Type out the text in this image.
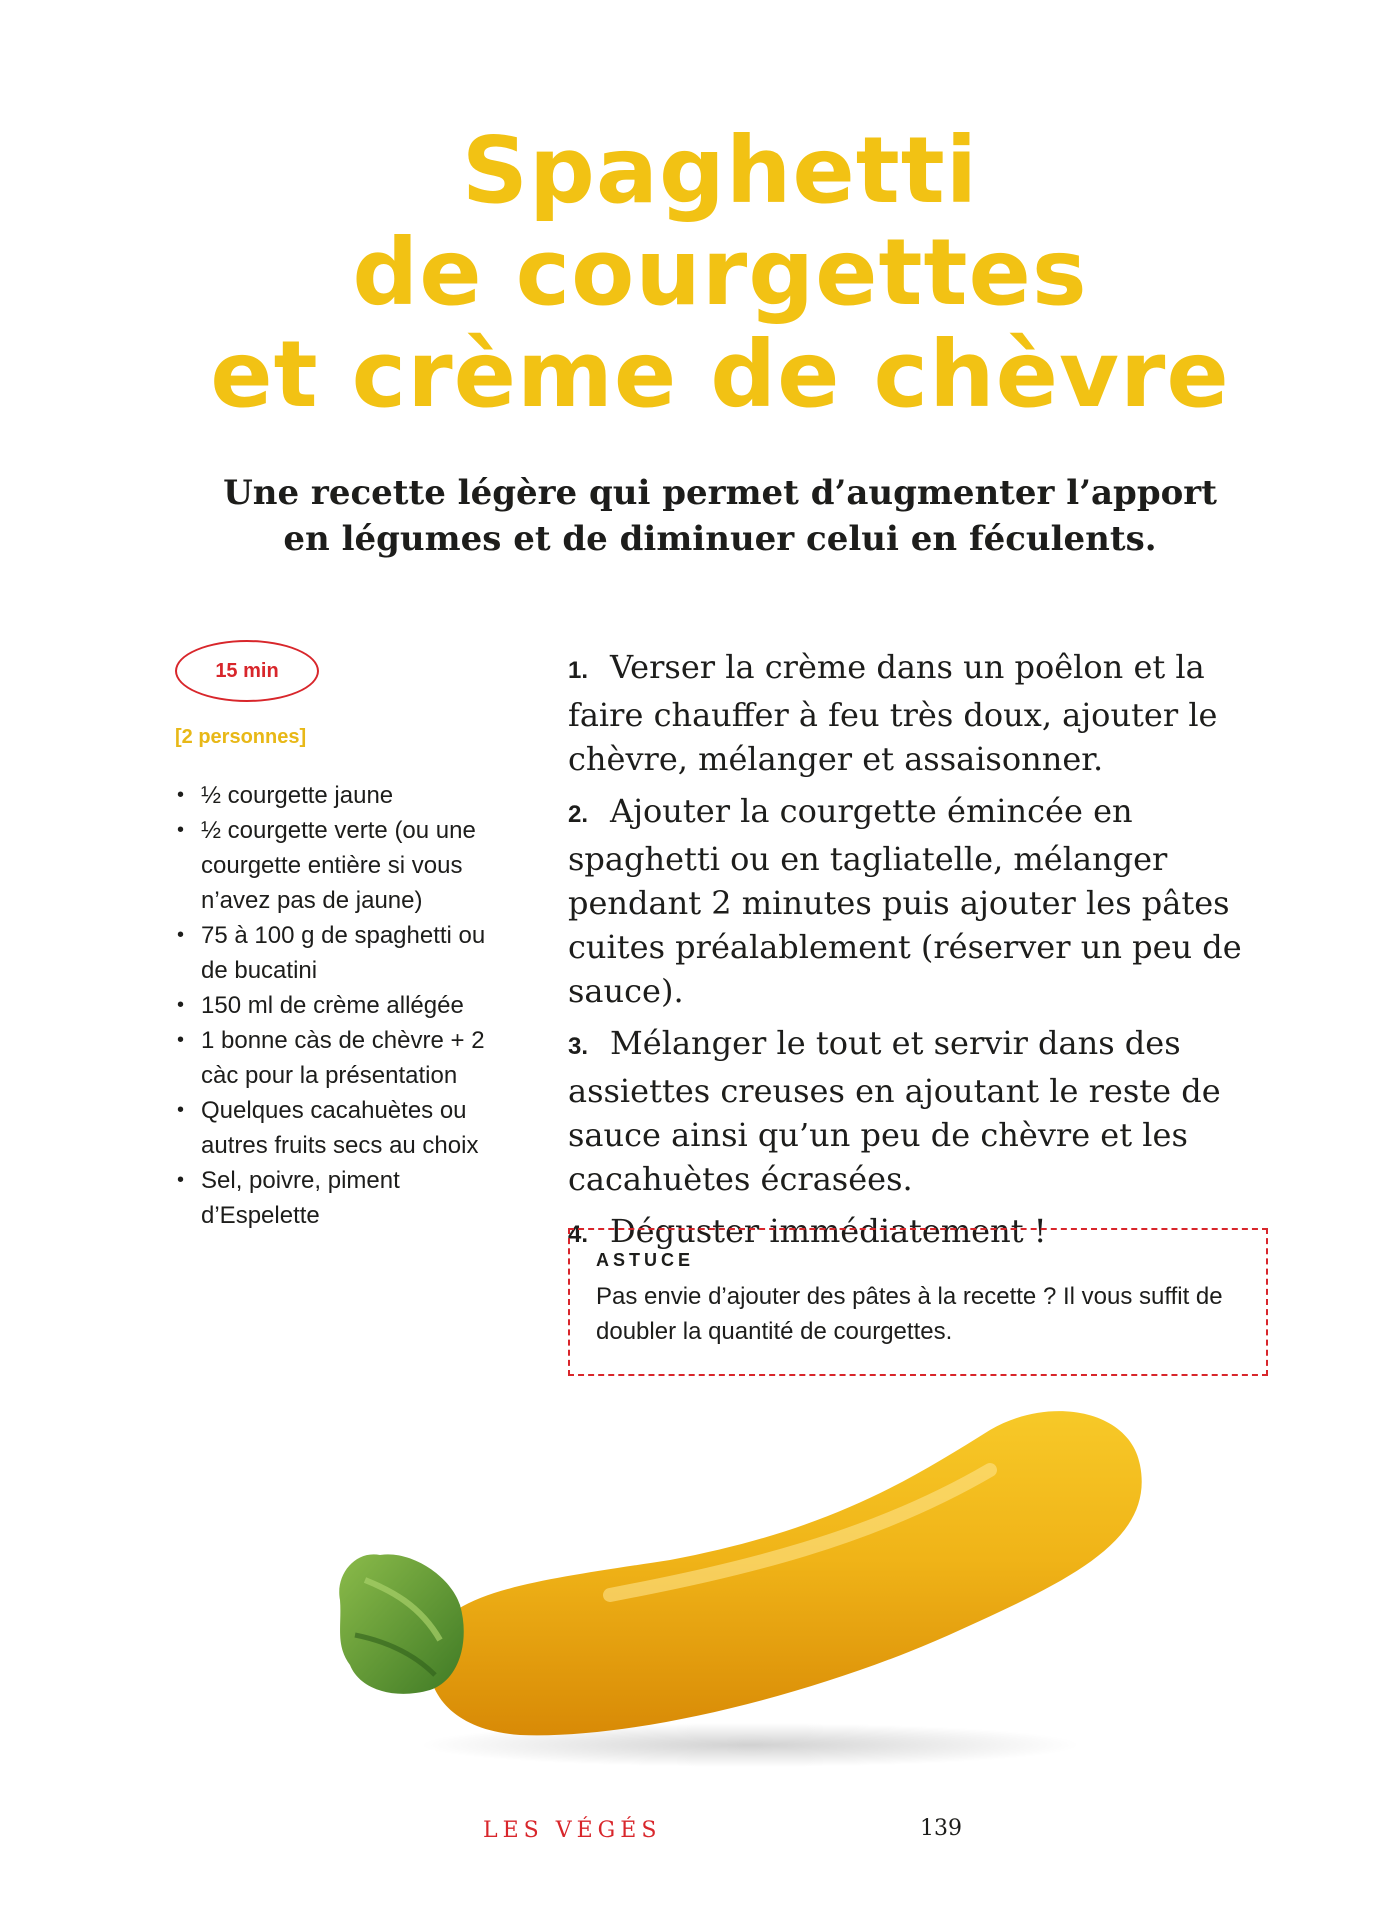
Spaghetti
de courgettes
et crème de chèvre

Une recette légère qui permet d’augmenter l’apport
en légumes et de diminuer celui en féculents.

15 min
[2 personnes]
• ½ courgette jaune
• ½ courgette verte (ou une courgette entière si vous n’avez pas de jaune)
• 75 à 100 g de spaghetti ou de bucatini
• 150 ml de crème allégée
• 1 bonne càs de chèvre + 2 càc pour la présentation
• Quelques cacahuètes ou autres fruits secs au choix
• Sel, poivre, piment d’Espelette
1. Verser la crème dans un poêlon et la faire chauffer à feu très doux, ajouter le chèvre, mélanger et assaisonner.
2. Ajouter la courgette émincée en spaghetti ou en tagliatelle, mélanger pendant 2 minutes puis ajouter les pâtes cuites préalablement (réserver un peu de sauce).
3. Mélanger le tout et servir dans des assiettes creuses en ajoutant le reste de sauce ainsi qu’un peu de chèvre et les cacahuètes écrasées.
4. Déguster immédiatement !
ASTUCE
Pas envie d’ajouter des pâtes à la recette ? Il vous suffit de doubler la quantité de courgettes.
LES VÉGÉS	139
